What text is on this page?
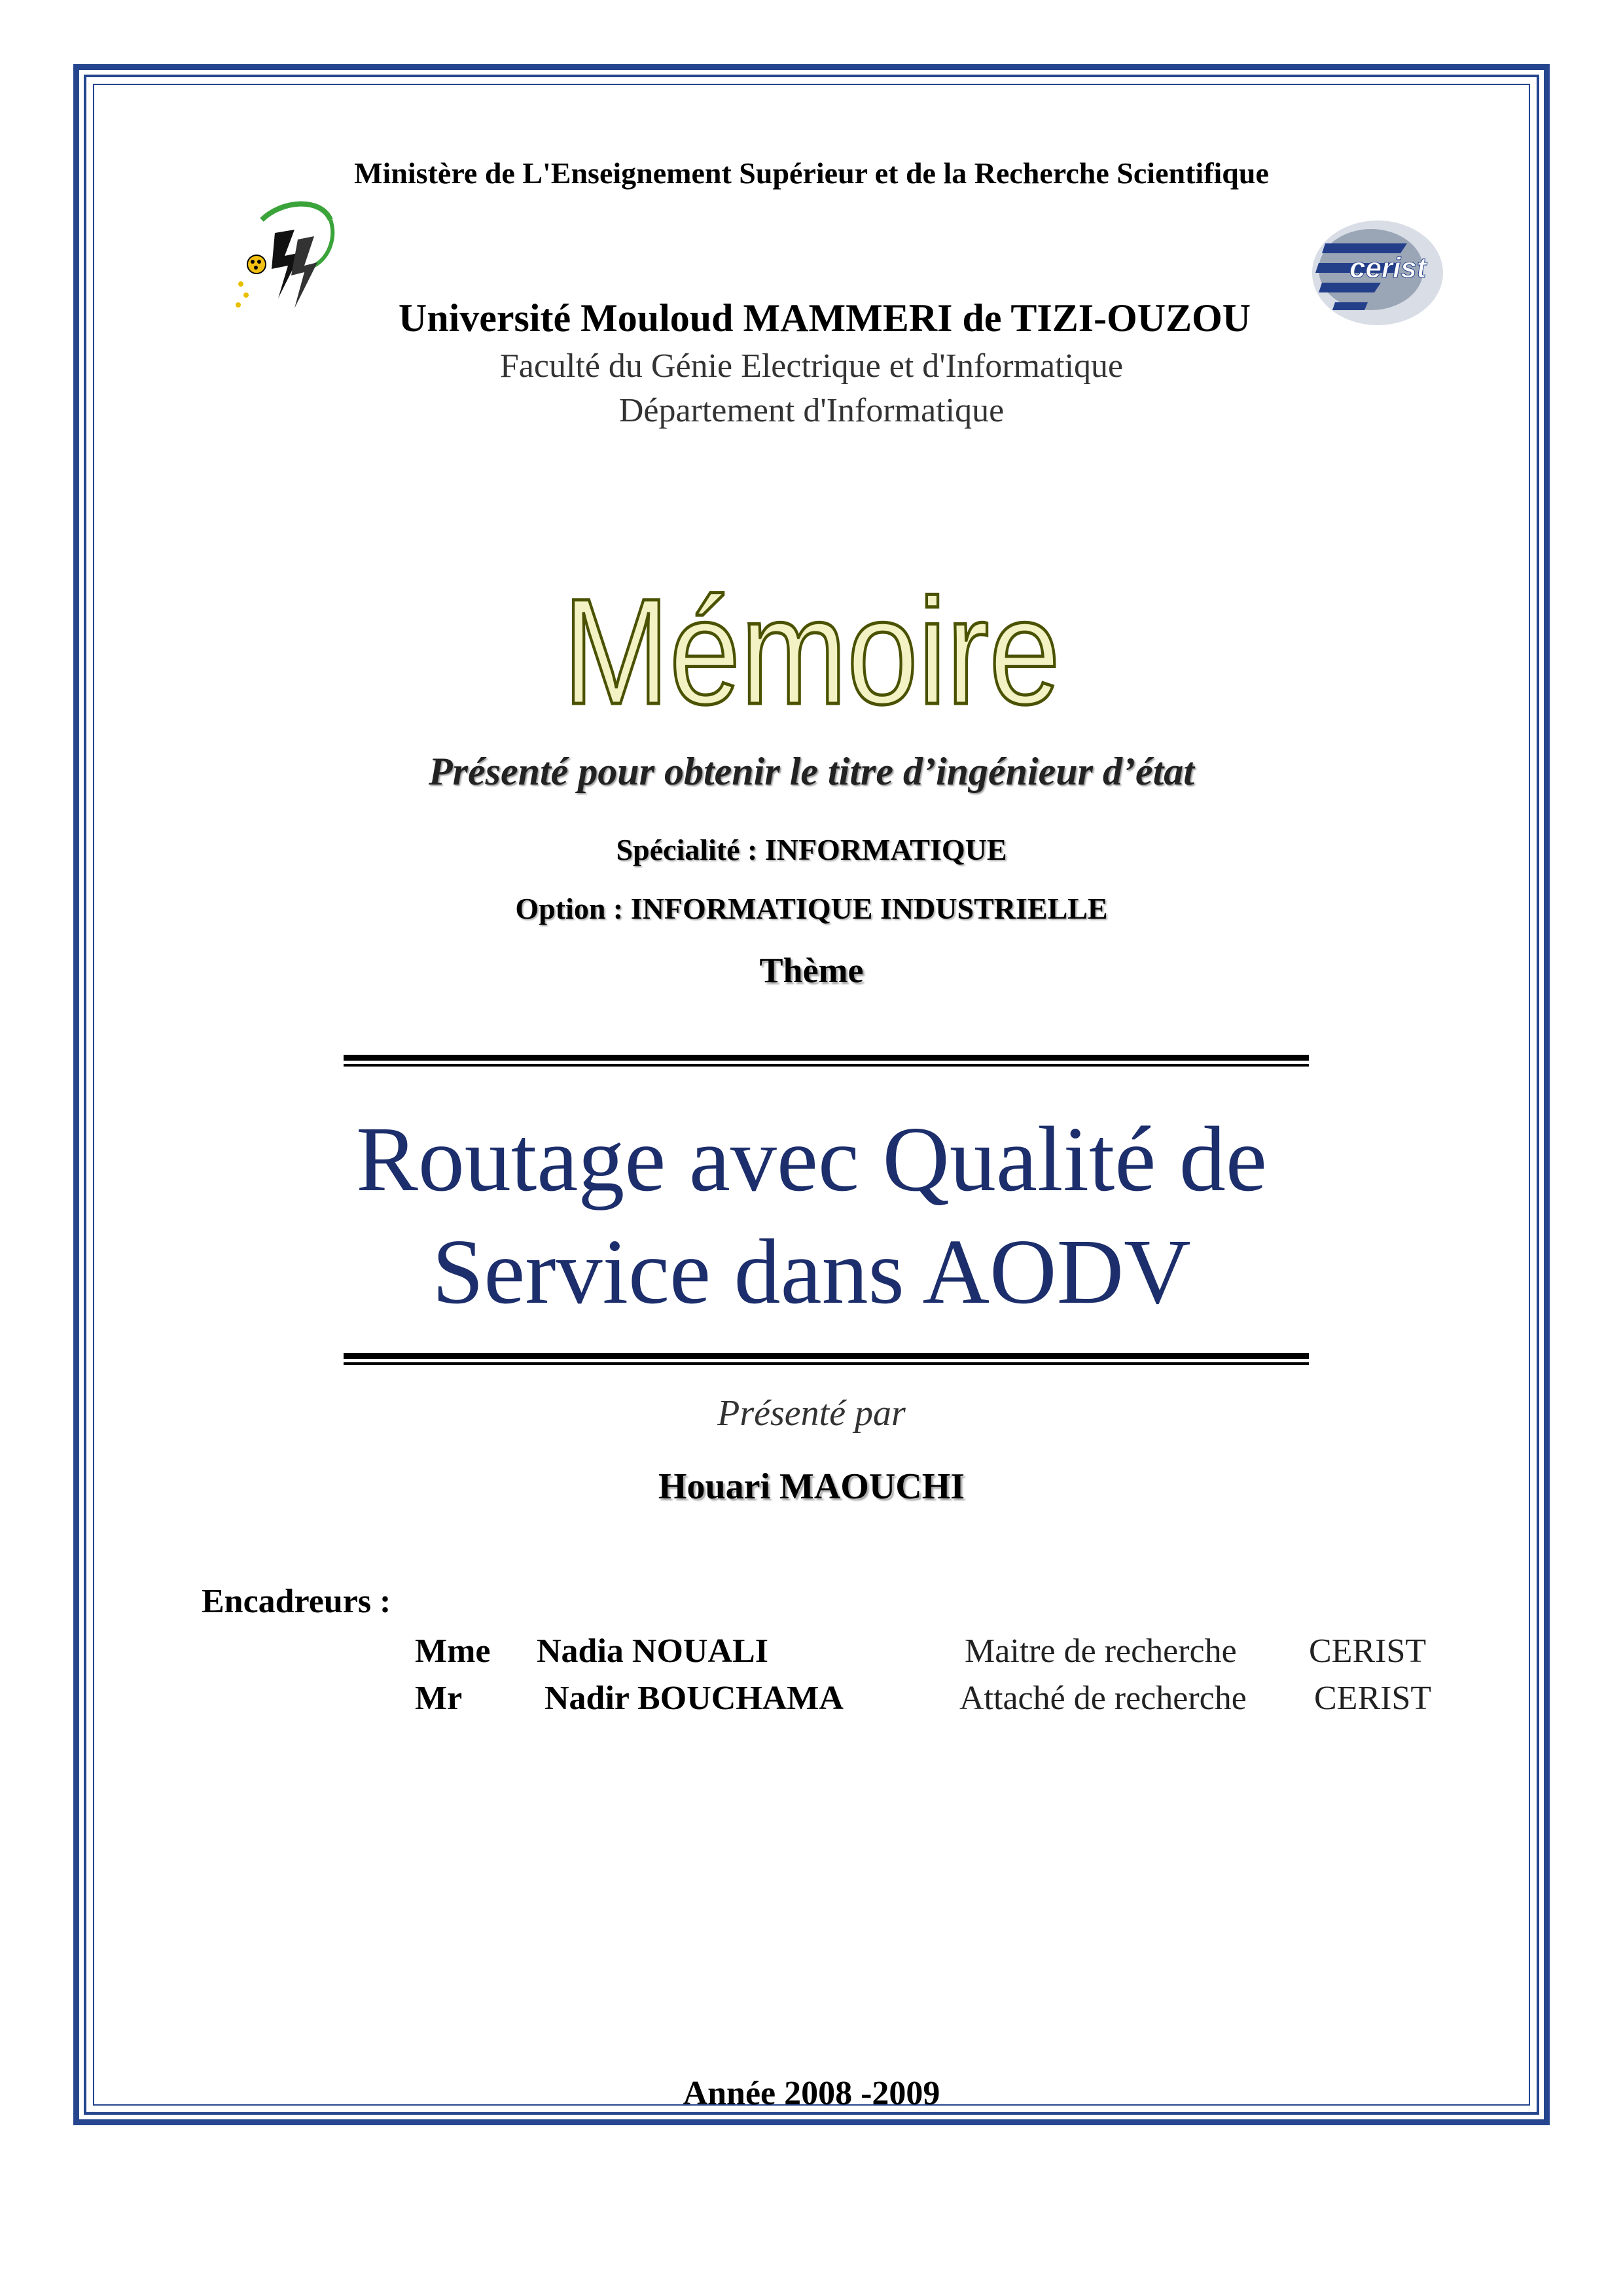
Ministère de L'Enseignement Supérieur et de la Recherche Scientifique
cerist
Université Mouloud MAMMERI de TIZI-OUZOU
Faculté du Génie Electrique et d'Informatique
Département d'Informatique
Mémoire
Présenté pour obtenir le titre d’ingénieur d’état
Spécialité : INFORMATIQUE
Option : INFORMATIQUE INDUSTRIELLE
Thème
Routage avec Qualité de
Service dans AODV
Présenté par
Houari MAOUCHI
Encadreurs :
Mme Nadia NOUALI	Maitre de recherche CERIST
Mr Nadir BOUCHAMA	Attaché de recherche CERIST
Année 2008 -2009
